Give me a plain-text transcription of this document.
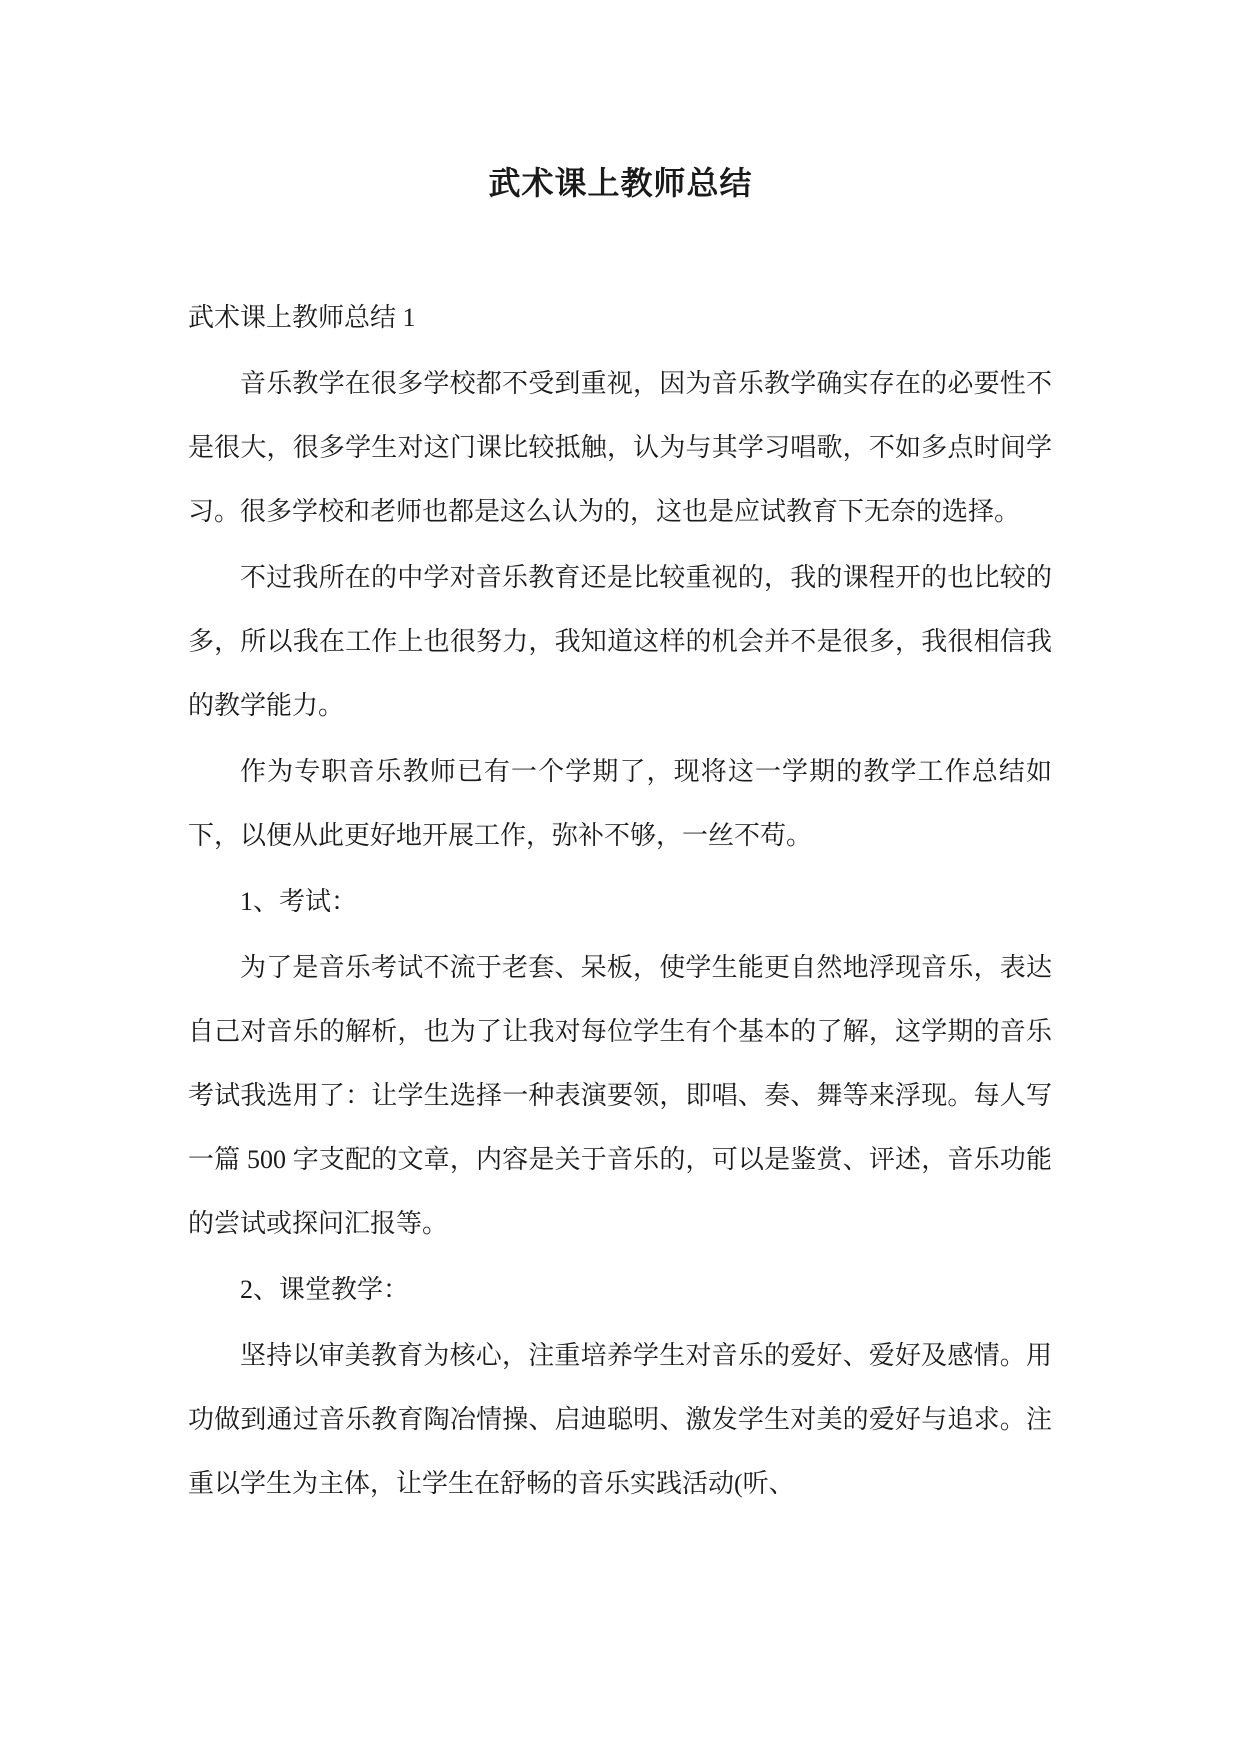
武术课上教师总结

武术课上教师总结 1

音乐教学在很多学校都不受到重视，因为音乐教学确实存在的必要性不是很大，很多学生对这门课比较抵触，认为与其学习唱歌，不如多点时间学习。很多学校和老师也都是这么认为的，这也是应试教育下无奈的选择。

不过我所在的中学对音乐教育还是比较重视的，我的课程开的也比较的多，所以我在工作上也很努力，我知道这样的机会并不是很多，我很相信我的教学能力。

作为专职音乐教师已有一个学期了，现将这一学期的教学工作总结如下，以便从此更好地开展工作，弥补不够，一丝不苟。

1、考试：

为了是音乐考试不流于老套、呆板，使学生能更自然地浮现音乐，表达自己对音乐的解析，也为了让我对每位学生有个基本的了解，这学期的音乐考试我选用了：让学生选择一种表演要领，即唱、奏、舞等来浮现。每人写一篇 500 字支配的文章，内容是关于音乐的，可以是鉴赏、评述，音乐功能的尝试或探问汇报等。

2、课堂教学：

坚持以审美教育为核心，注重培养学生对音乐的爱好、爱好及感情。用功做到通过音乐教育陶冶情操、启迪聪明、激发学生对美的爱好与追求。注重以学生为主体，让学生在舒畅的音乐实践活动(听、
